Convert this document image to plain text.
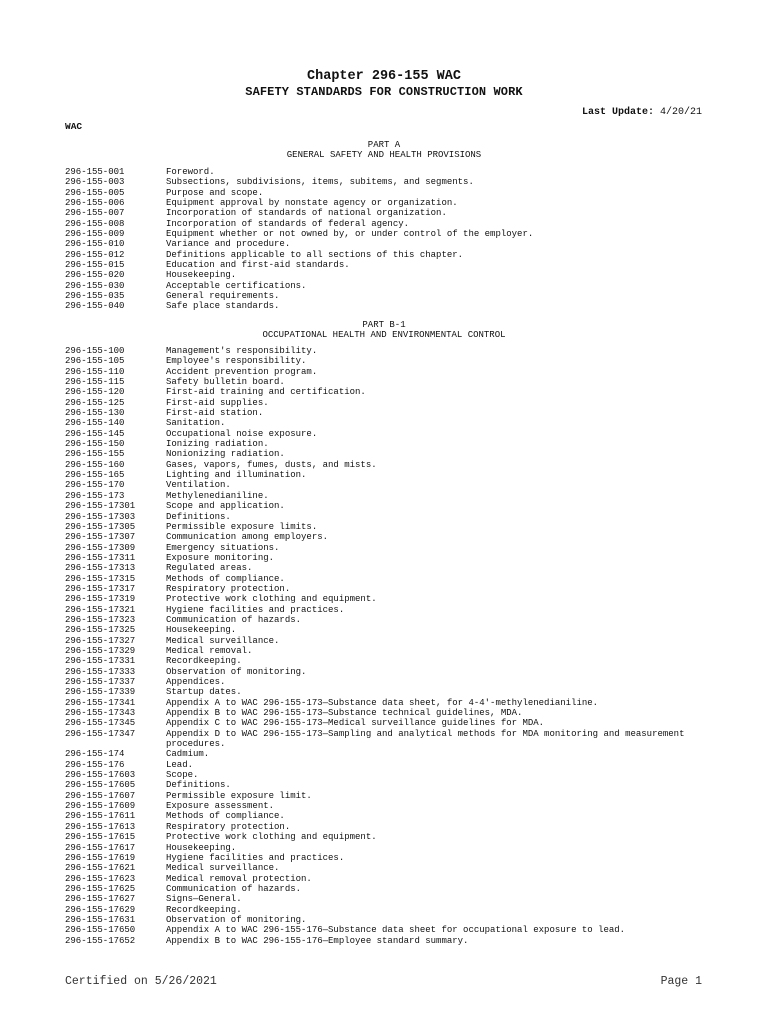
Chapter 296-155 WAC
SAFETY STANDARDS FOR CONSTRUCTION WORK
Last Update: 4/20/21
WAC
PART A
GENERAL SAFETY AND HEALTH PROVISIONS
296-155-001	Foreword.
296-155-003	Subsections, subdivisions, items, subitems, and segments.
296-155-005	Purpose and scope.
296-155-006	Equipment approval by nonstate agency or organization.
296-155-007	Incorporation of standards of national organization.
296-155-008	Incorporation of standards of federal agency.
296-155-009	Equipment whether or not owned by, or under control of the employer.
296-155-010	Variance and procedure.
296-155-012	Definitions applicable to all sections of this chapter.
296-155-015	Education and first-aid standards.
296-155-020	Housekeeping.
296-155-030	Acceptable certifications.
296-155-035	General requirements.
296-155-040	Safe place standards.
PART B-1
OCCUPATIONAL HEALTH AND ENVIRONMENTAL CONTROL
296-155-100	Management's responsibility.
296-155-105	Employee's responsibility.
296-155-110	Accident prevention program.
296-155-115	Safety bulletin board.
296-155-120	First-aid training and certification.
296-155-125	First-aid supplies.
296-155-130	First-aid station.
296-155-140	Sanitation.
296-155-145	Occupational noise exposure.
296-155-150	Ionizing radiation.
296-155-155	Nonionizing radiation.
296-155-160	Gases, vapors, fumes, dusts, and mists.
296-155-165	Lighting and illumination.
296-155-170	Ventilation.
296-155-173	Methylenedianiline.
296-155-17301	Scope and application.
296-155-17303	Definitions.
296-155-17305	Permissible exposure limits.
296-155-17307	Communication among employers.
296-155-17309	Emergency situations.
296-155-17311	Exposure monitoring.
296-155-17313	Regulated areas.
296-155-17315	Methods of compliance.
296-155-17317	Respiratory protection.
296-155-17319	Protective work clothing and equipment.
296-155-17321	Hygiene facilities and practices.
296-155-17323	Communication of hazards.
296-155-17325	Housekeeping.
296-155-17327	Medical surveillance.
296-155-17329	Medical removal.
296-155-17331	Recordkeeping.
296-155-17333	Observation of monitoring.
296-155-17337	Appendices.
296-155-17339	Startup dates.
296-155-17341	Appendix A to WAC 296-155-173—Substance data sheet, for 4-4'-methylenedianiline.
296-155-17343	Appendix B to WAC 296-155-173—Substance technical guidelines, MDA.
296-155-17345	Appendix C to WAC 296-155-173—Medical surveillance guidelines for MDA.
296-155-17347	Appendix D to WAC 296-155-173—Sampling and analytical methods for MDA monitoring and measurement procedures.
296-155-174	Cadmium.
296-155-176	Lead.
296-155-17603	Scope.
296-155-17605	Definitions.
296-155-17607	Permissible exposure limit.
296-155-17609	Exposure assessment.
296-155-17611	Methods of compliance.
296-155-17613	Respiratory protection.
296-155-17615	Protective work clothing and equipment.
296-155-17617	Housekeeping.
296-155-17619	Hygiene facilities and practices.
296-155-17621	Medical surveillance.
296-155-17623	Medical removal protection.
296-155-17625	Communication of hazards.
296-155-17627	Signs—General.
296-155-17629	Recordkeeping.
296-155-17631	Observation of monitoring.
296-155-17650	Appendix A to WAC 296-155-176—Substance data sheet for occupational exposure to lead.
296-155-17652	Appendix B to WAC 296-155-176—Employee standard summary.
Certified on 5/26/2021	Page 1
